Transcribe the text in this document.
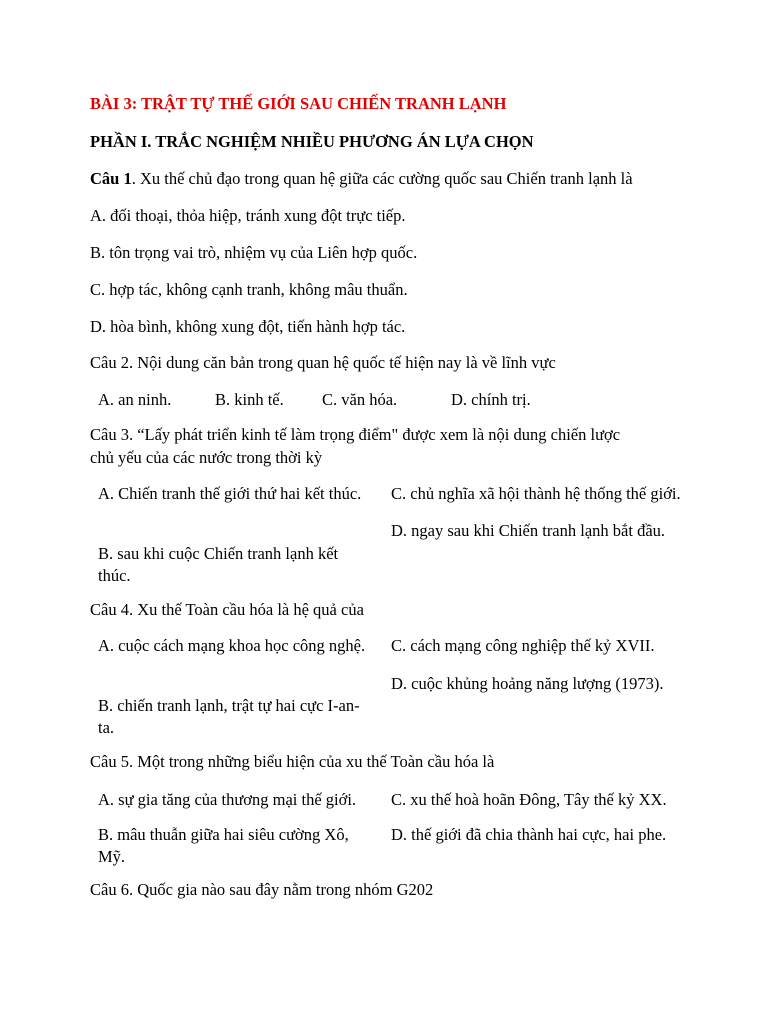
BÀI 3: TRẬT TỰ THẾ GIỚI SAU CHIẾN TRANH LẠNH
PHẦN I. TRẮC NGHIỆM NHIỀU PHƯƠNG ÁN LỰA CHỌN
Câu 1. Xu thế chủ đạo trong quan hệ giữa các cường quốc sau Chiến tranh lạnh là
A. đối thoại, thỏa hiệp, tránh xung đột trực tiếp.
B. tôn trọng vai trò, nhiệm vụ của Liên hợp quốc.
C. hợp tác, không cạnh tranh, không mâu thuẩn.
D. hòa bình, không xung đột, tiến hành hợp tác.
Câu 2. Nội dung căn bản trong quan hệ quốc tế hiện nay là về lĩnh vực
A. an ninh.	B. kinh tế. C. văn hóa.	D. chính trị.
Câu 3. “Lấy phát triển kinh tế làm trọng điểm" được xem là nội dung chiến lược
chủ yếu của các nước trong thời kỳ
A. Chiến tranh thế giới thứ hai kết thúc.
B. sau khi cuộc Chiến tranh lạnh kết thúc.
C. chủ nghĩa xã hội thành hệ thống thế giới.
D. ngay sau khi Chiến tranh lạnh bắt đầu.
Câu 4. Xu thế Toàn cầu hóa là hệ quả của
A. cuộc cách mạng khoa học công nghệ.
B. chiến tranh lạnh, trật tự hai cực I-an-ta.
C. cách mạng công nghiệp thế kỷ XVII.
D. cuộc khủng hoảng năng lượng (1973).
Câu 5. Một trong những biểu hiện của xu thế Toàn cầu hóa là
A. sự gia tăng của thương mại thế giới.
B. mâu thuẫn giữa hai siêu cường Xô, Mỹ.
C. xu thế hoà hoãn Đông, Tây thế kỷ XX.
D. thế giới đã chia thành hai cực, hai phe.
Câu 6. Quốc gia nào sau đây nằm trong nhóm G202
